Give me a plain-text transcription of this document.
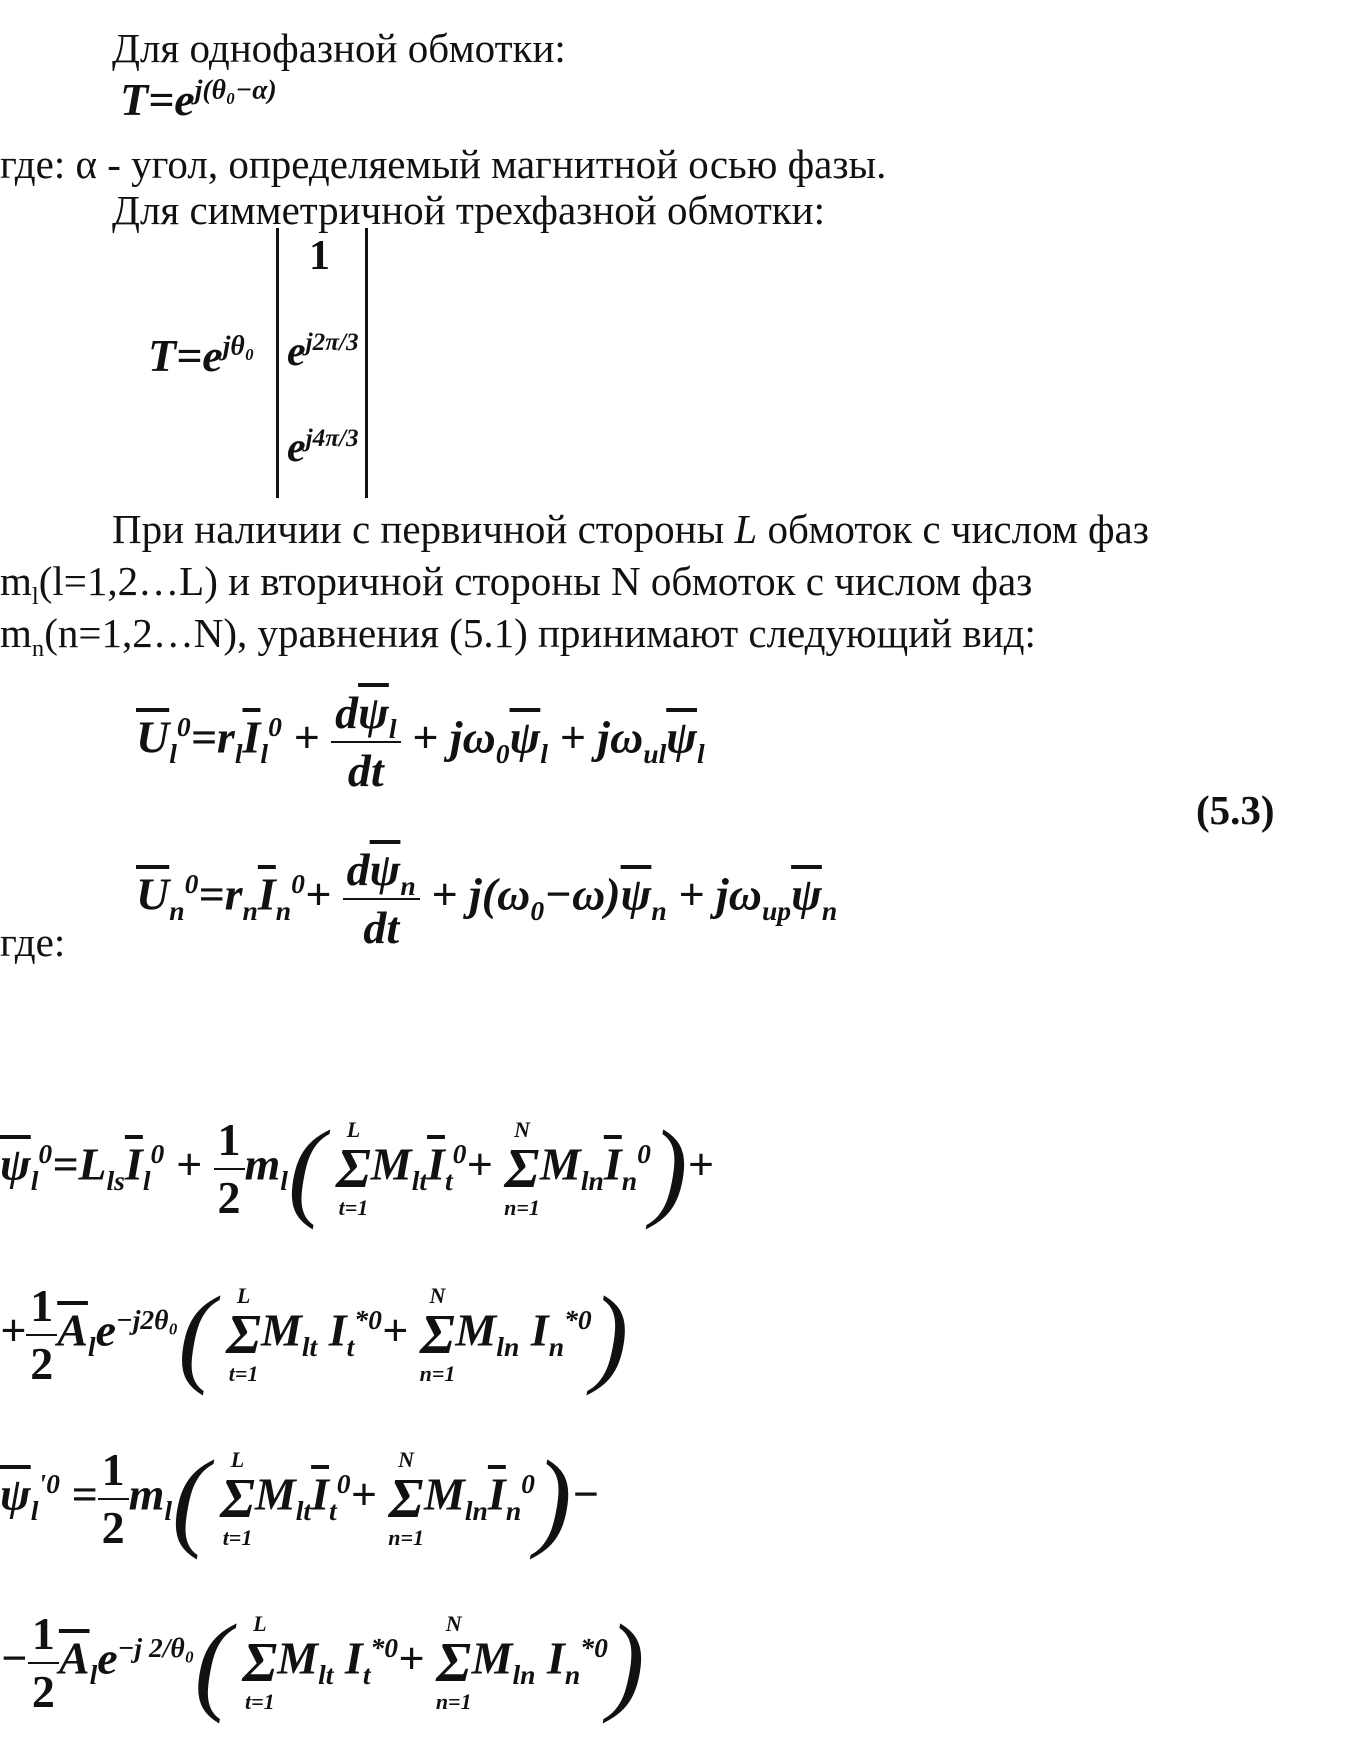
Для однофазной обмотки:
$T=e^{j(\theta_0-\alpha)}$
где: α - угол, определяемый магнитной осью фазы.
Для симметричной трехфазной обмотки:
$T=e^{j\theta_0}$
1
$e^{j2\pi/3}$
$e^{j4\pi/3}$
При наличии с первичной стороны L обмоток с числом фаз
$m_l(l=1,2\dots L)$ и вторичной стороны N обмоток с числом фаз
$m_n(n=1,2\dots N)$, уравнения (5.1) принимают следующий вид:
$\overline{U}_l^0=r_l\overline{I}_l^0 + \frac{d\overline{\psi}_l}{dt} + j\omega_0\overline{\psi}_l + j\omega_{ul}\overline{\psi}_l$
(5.3)
$\overline{U}_n^0=r_n\overline{I}_n^0+ \frac{d\overline{\psi}_n}{dt} + j(\omega_0-\omega)\overline{\psi}_n + j\omega_{up}\overline{\psi}_n$
где:
$\overline{\psi}_l^0=L_{ls}\overline{I}_l^0 + \frac{1}{2} m_l$(	L
Σ
t=1
$M_{lt}\overline{I}_t^0+$
N
Σ
n=1
$M_{ln}\overline{I}_n^0)+$
+ $\frac{1}{2} \overline{A}_le^{-j2\theta_0}$(	L
Σ
t=1
$M_{lt}$ $I_t^{*0}+$
N
Σ
n=1
$M_{ln}$ $I_n^{*0}$)
$\overline{\psi}_l^{'0} = \frac{1}{2} m_l$(	L
Σ
t=1
$M_{lt}\overline{I}_t^0+$
N
Σ
n=1
$M_{ln}\overline{I}_n^0)-$
− $\frac{1}{2} \overline{A}_le^{-j 2/\theta_0}$(	L
Σ
t=1
$M_{lt}$ $I_t^{*0}+$
N
Σ
n=1
$M_{ln}$ $I_n^{*0}$)
